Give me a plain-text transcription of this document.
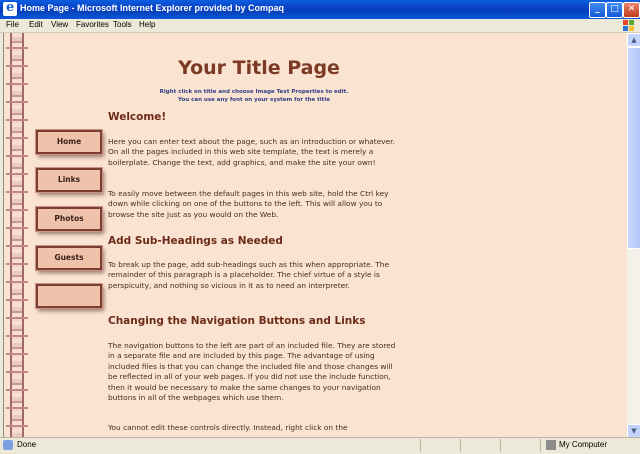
e
Home Page - Microsoft Internet Explorer provided by Compaq	_	□ ✕
File Edit View Favorites Tools Help
Your Title Page
Right click on title and choose Image Text Properties to edit.
You can use any font on your system for the title
Home
Links
Photos
Guests
Welcome!

Here you can enter text about the page, such as an introduction or whatever. On all the pages included in this web site template, the text is merely a boilerplate. Change the text, add graphics, and make the site your own!

To easily move between the default pages in this web site, hold the Ctrl key down while clicking on one of the buttons to the left. This will allow you to browse the site just as you would on the Web.

Add Sub-Headings as Needed

To break up the page, add sub-headings such as this when appropriate. The remainder of this paragraph is a placeholder. The chief virtue of a style is perspicuity, and nothing so vicious in it as to need an interpreter.

Changing the Navigation Buttons and Links

The navigation buttons to the left are part of an included file. They are stored in a separate file and are included by this page. The advantage of using included files is that you can change the included file and those changes will be reflected in all of your web pages. If you did not use the include function, then it would be necessary to make the same changes to your navigation buttons in all of the webpages which use them.

You cannot edit these controls directly. Instead, right click on the

▲
▼
Done	My Computer
